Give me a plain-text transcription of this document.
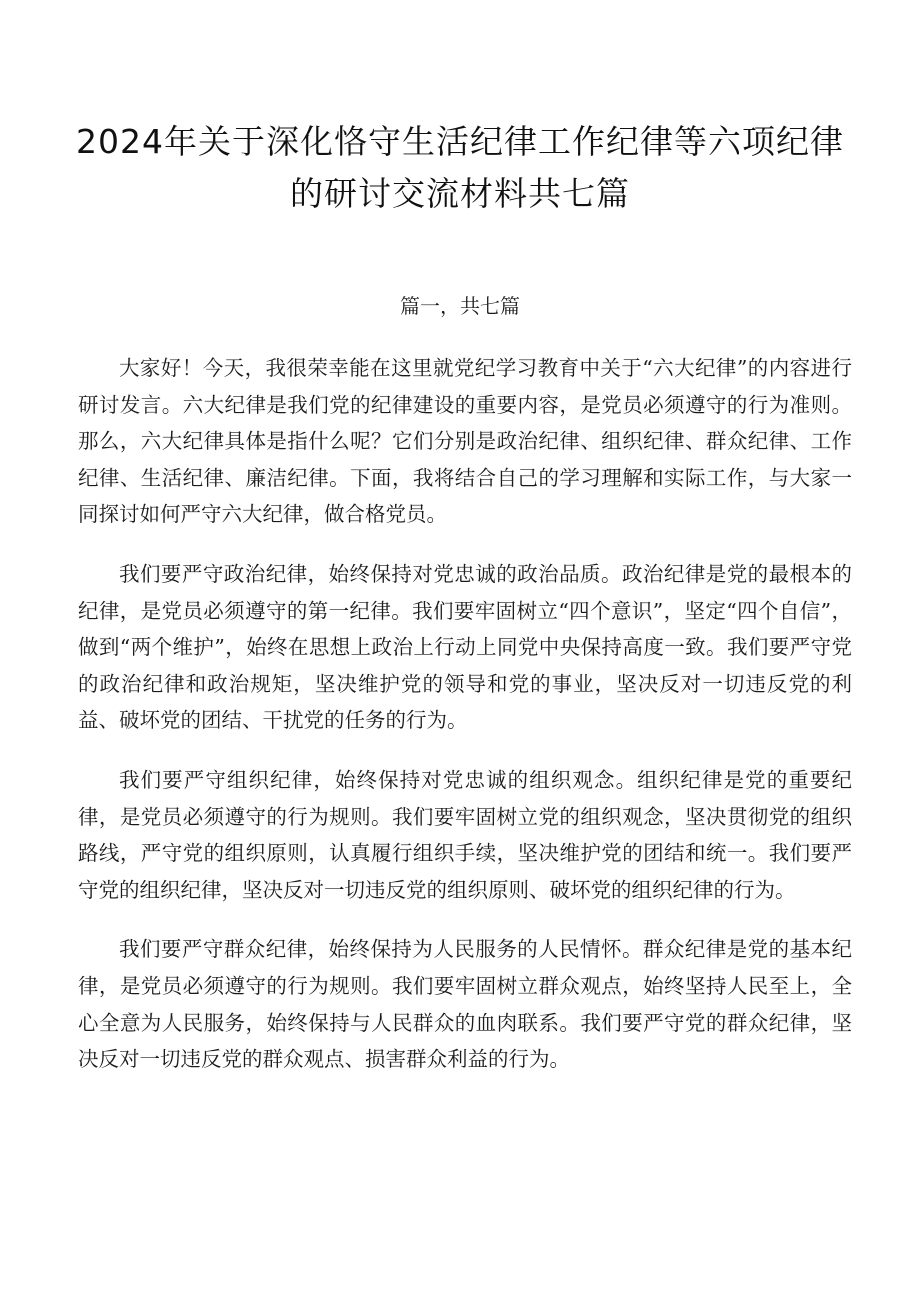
2024年关于深化恪守生活纪律工作纪律等六项纪律
的研讨交流材料共七篇
篇一，共七篇

大家好！今天，我很荣幸能在这里就党纪学习教育中关于“六大纪律”的内容进行研讨发言。六大纪律是我们党的纪律建设的重要内容，是党员必须遵守的行为准则。那么，六大纪律具体是指什么呢？它们分别是政治纪律、组织纪律、群众纪律、工作纪律、生活纪律、廉洁纪律。下面，我将结合自己的学习理解和实际工作，与大家一同探讨如何严守六大纪律，做合格党员。

我们要严守政治纪律，始终保持对党忠诚的政治品质。政治纪律是党的最根本的纪律，是党员必须遵守的第一纪律。我们要牢固树立“四个意识”，坚定“四个自信”，做到“两个维护”，始终在思想上政治上行动上同党中央保持高度一致。我们要严守党的政治纪律和政治规矩，坚决维护党的领导和党的事业，坚决反对一切违反党的利益、破坏党的团结、干扰党的任务的行为。

我们要严守组织纪律，始终保持对党忠诚的组织观念。组织纪律是党的重要纪律，是党员必须遵守的行为规则。我们要牢固树立党的组织观念，坚决贯彻党的组织路线，严守党的组织原则，认真履行组织手续，坚决维护党的团结和统一。我们要严守党的组织纪律，坚决反对一切违反党的组织原则、破坏党的组织纪律的行为。

我们要严守群众纪律，始终保持为人民服务的人民情怀。群众纪律是党的基本纪律，是党员必须遵守的行为规则。我们要牢固树立群众观点，始终坚持人民至上，全心全意为人民服务，始终保持与人民群众的血肉联系。我们要严守党的群众纪律，坚决反对一切违反党的群众观点、损害群众利益的行为。
